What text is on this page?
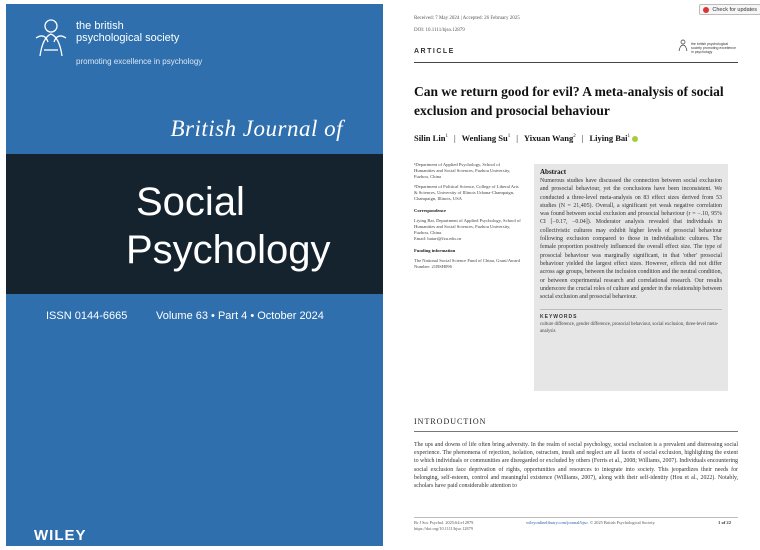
the british
psychological society
promoting excellence in psychology
British Journal of
Social
Psychology
ISSN 0144-6665	Volume 63 • Part 4 • October 2024
WILEY
Received: 7 May 2024 | Accepted: 26 February 2025
DOI: 10.1111/bjso.12879
Check for updates
the british psychological society promoting excellence in psychology
ARTICLE
Can we return good for evil? A meta-analysis of social exclusion and prosocial behaviour
Silin Lin$^1$ | Wenliang Su$^1$ | Yixuan Wang$^2$ | Liying Bai$^1$

¹Department of Applied Psychology, School of Humanities and Social Sciences, Fuzhou University, Fuzhou, China

²Department of Political Science, College of Liberal Arts & Sciences, University of Illinois Urbana-Champaign, Champaign, Illinois, USA

Correspondence

Liying Bai, Department of Applied Psychology, School of Humanities and Social Sciences, Fuzhou University, Fuzhou, China.
Email: baiart@fzu.edu.cn

Funding information

The National Social Science Fund of China, Grant/Award Number: 21BSH096

Abstract
Numerous studies have discussed the connection between social exclusion and prosocial behaviour, yet the conclusions have been inconsistent. We conducted a three-level meta-analysis on 83 effect sizes derived from 53 studies (N = 21,405). Overall, a significant yet weak negative correlation was found between social exclusion and prosocial behaviour (r = −.10, 95% CI [−0.17, −0.04]). Moderator analysis revealed that individuals in collectivistic cultures may exhibit higher levels of prosocial behaviour following exclusion compared to those in individualistic cultures. The female proportion positively influenced the overall effect size. The type of prosocial behaviour was marginally significant, in that 'other' prosocial behaviour yielded the largest effect sizes. However, effects did not differ across age groups, between the inclusion condition and the neutral condition, or between experimental research and correlational research. Our results underscore the crucial roles of culture and gender in the relationship between social exclusion and prosocial behaviour.
KEYWORDS
culture difference, gender difference, prosocial behaviour, social exclusion, three-level meta-analysis
INTRODUCTION
The ups and downs of life often bring adversity. In the realm of social psychology, social exclusion is a prevalent and distressing social experience. The phenomena of rejection, isolation, ostracism, insult and neglect are all facets of social exclusion, highlighting the extent to which individuals or communities are disregarded or excluded by others (Ferris et al., 2008; Williams, 2007). Individuals encountering social exclusion face deprivation of rights, opportunities and resources to integrate into society. This jeopardizes their needs for belonging, self-esteem, control and meaningful existence (Williams, 2007), along with their self-identity (Hou et al., 2022). Notably, scholars have paid considerable attention to
Br J Soc Psychol. 2025;64:e12879.
https://doi.org/10.1111/bjso.12879
wileyonlinelibrary.com/journal/bjso © 2025 British Psychological Society.	1 of 22
